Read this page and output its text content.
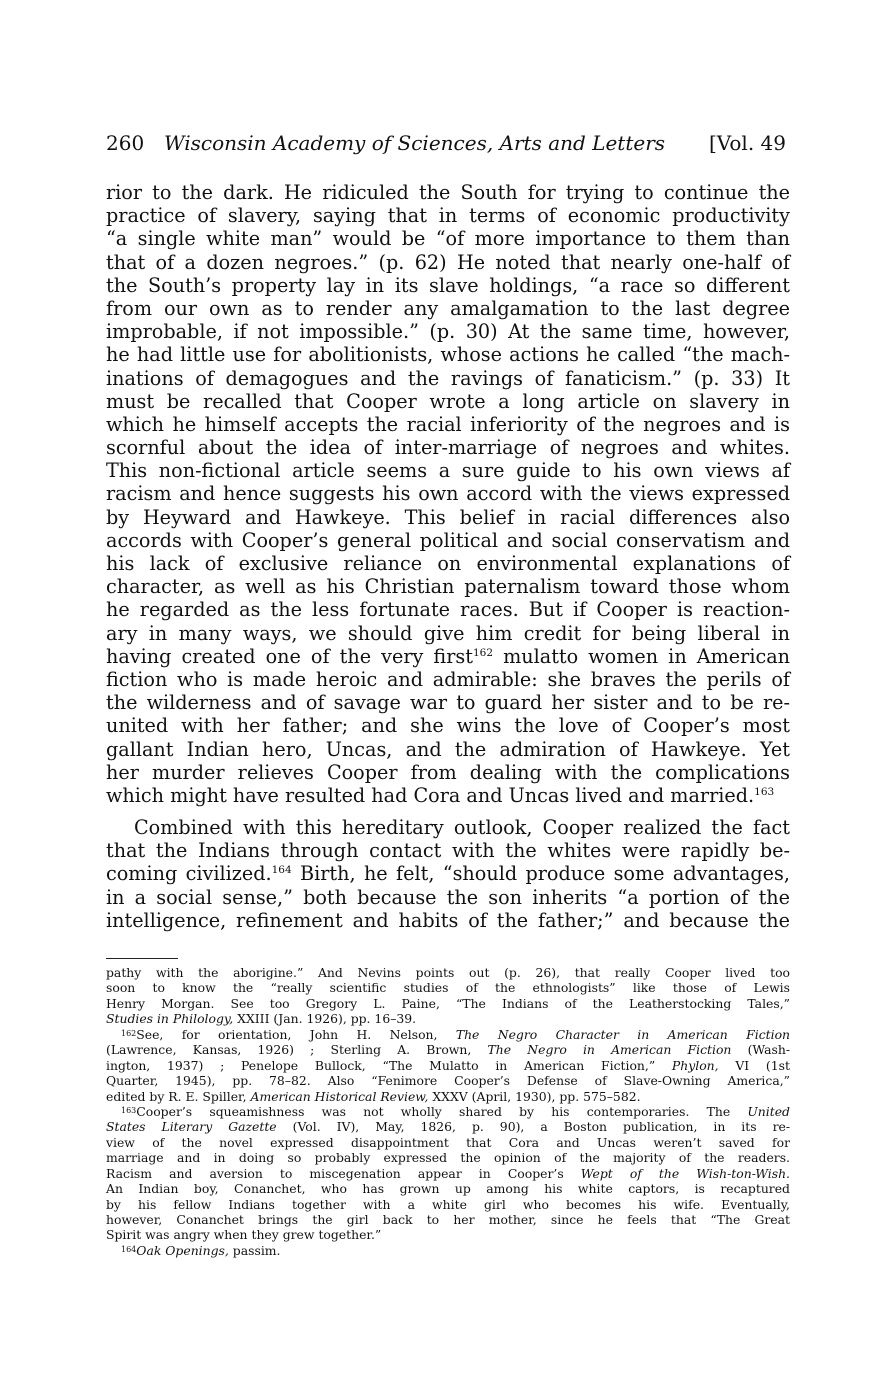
260 Wisconsin Academy of Sciences, Arts and Letters [Vol. 49

rior to the dark. He ridiculed the South for trying to continue the
practice of slavery, saying that in terms of economic productivity
“a single white man” would be “of more importance to them than
that of a dozen negroes.” (p. 62) He noted that nearly one-half of
the South’s property lay in its slave holdings, “a race so different
from our own as to render any amalgamation to the last degree
improbable, if not impossible.” (p. 30) At the same time, however,
he had little use for abolitionists, whose actions he called “the mach-
inations of demagogues and the ravings of fanaticism.” (p. 33) It
must be recalled that Cooper wrote a long article on slavery in
which he himself accepts the racial inferiority of the negroes and is
scornful about the idea of inter-marriage of negroes and whites.
This non-fictional article seems a sure guide to his own views af
racism and hence suggests his own accord with the views expressed
by Heyward and Hawkeye. This belief in racial differences also
accords with Cooper’s general political and social conservatism and
his lack of exclusive reliance on environmental explanations of
character, as well as his Christian paternalism toward those whom
he regarded as the less fortunate races. But if Cooper is reaction-
ary in many ways, we should give him credit for being liberal in
having created one of the very first$^{162}$ mulatto women in American
fiction who is made heroic and admirable: she braves the perils of
the wilderness and of savage war to guard her sister and to be re-
united with her father; and she wins the love of Cooper’s most
gallant Indian hero, Uncas, and the admiration of Hawkeye. Yet
her murder relieves Cooper from dealing with the complications
which might have resulted had Cora and Uncas lived and married.$^{163}$

Combined with this hereditary outlook, Cooper realized the fact
that the Indians through contact with the whites were rapidly be-
coming civilized.$^{164}$ Birth, he felt, “should produce some advantages,
in a social sense,” both because the son inherits “a portion of the
intelligence, refinement and habits of the father;” and because the

pathy with the aborigine.” And Nevins points out (p. 26), that really Cooper lived too
soon to know the “really scientific studies of the ethnologists” like those of Lewis
Henry Morgan. See too Gregory L. Paine, “The Indians of the Leatherstocking Tales,”
Studies in Philology, XXIII (Jan. 1926), pp. 16–39.
$^{162}$See, for orientation, John H. Nelson, The Negro Character in American Fiction
(Lawrence, Kansas, 1926) ; Sterling A. Brown, The Negro in American Fiction (Wash-
ington, 1937) ; Penelope Bullock, “The Mulatto in American Fiction,” Phylon, VI (1st
Quarter, 1945), pp. 78–82. Also “Fenimore Cooper’s Defense of Slave-Owning America,”
edited by R. E. Spiller, American Historical Review, XXXV (April, 1930), pp. 575–582.
$^{163}$Cooper’s squeamishness was not wholly shared by his contemporaries. The United
States Literary Gazette (Vol. IV), May, 1826, p. 90), a Boston publication, in its re-
view of the novel expressed disappointment that Cora and Uncas weren’t saved for
marriage and in doing so probably expressed the opinion of the majority of the readers.
Racism and aversion to miscegenation appear in Cooper’s Wept of the Wish-ton-Wish.
An Indian boy, Conanchet, who has grown up among his white captors, is recaptured
by his fellow Indians together with a white girl who becomes his wife. Eventually,
however, Conanchet brings the girl back to her mother, since he feels that “The Great
Spirit was angry when they grew together.”
$^{164}$Oak Openings, passim.
